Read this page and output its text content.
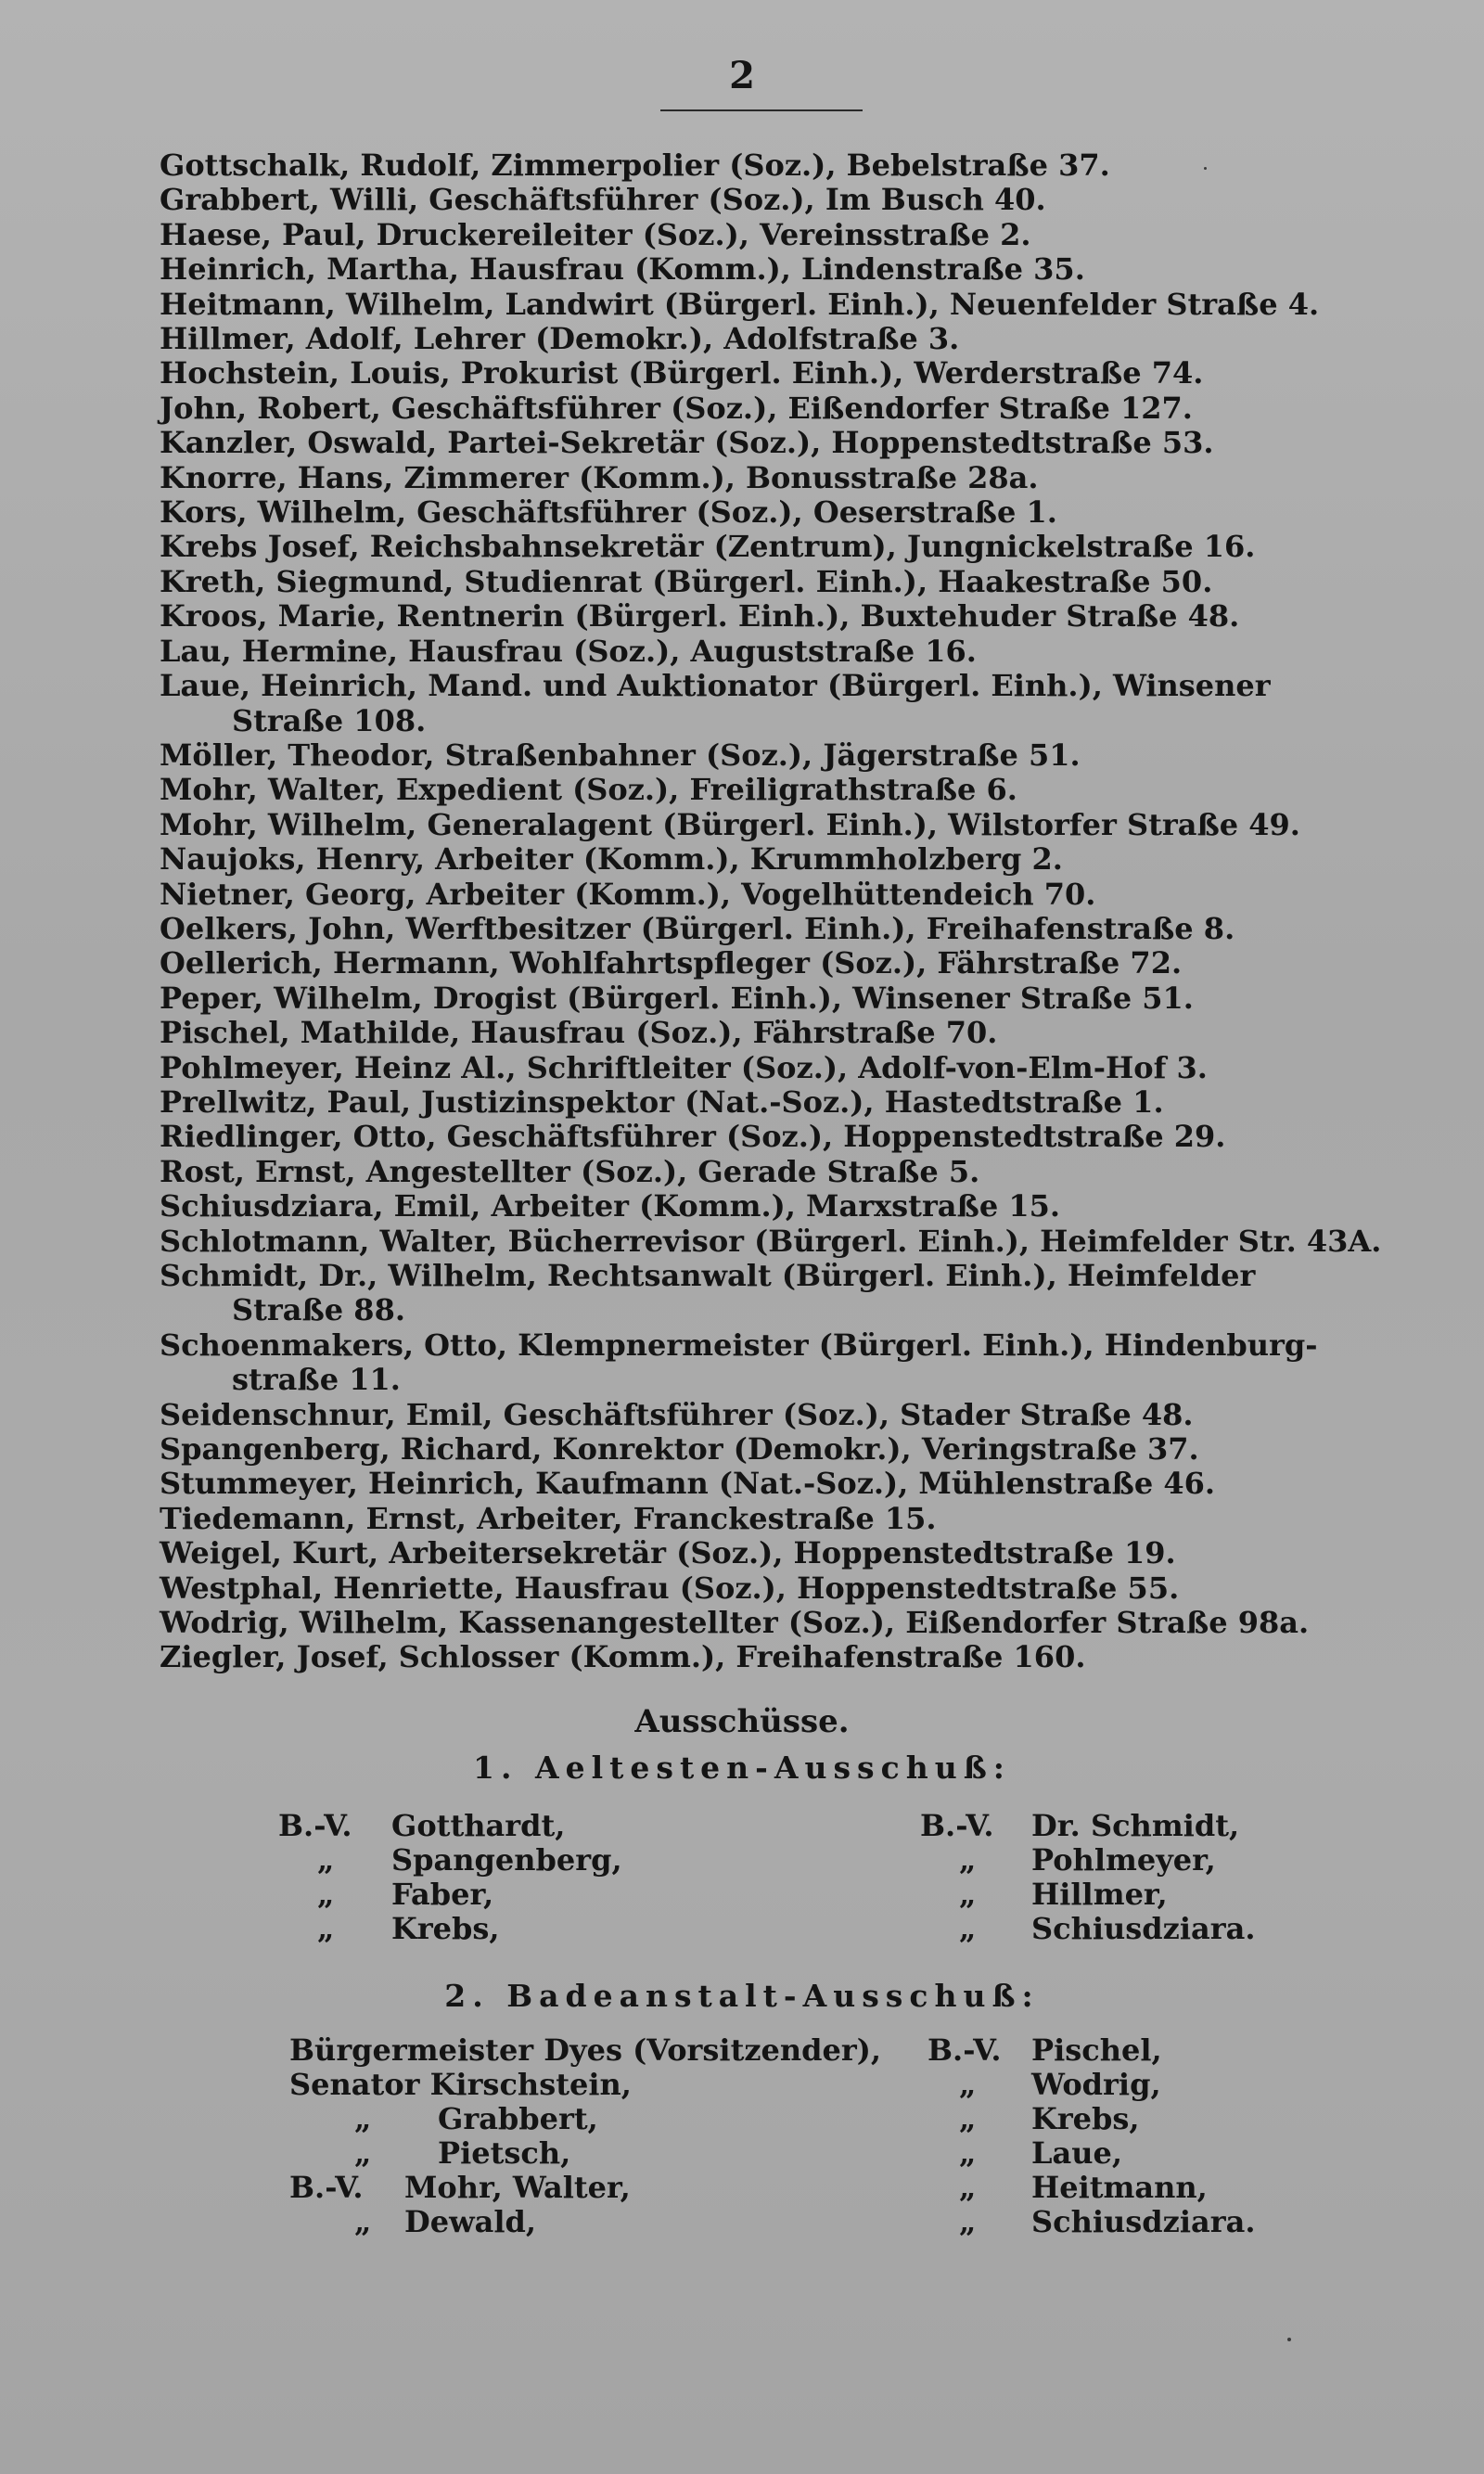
2
Gottschalk, Rudolf, Zimmerpolier (Soz.), Bebelstraße 37.
Grabbert, Willi, Geschäftsführer (Soz.), Im Busch 40.
Haese, Paul, Druckereileiter (Soz.), Vereinsstraße 2.
Heinrich, Martha, Hausfrau (Komm.), Lindenstraße 35.
Heitmann, Wilhelm, Landwirt (Bürgerl. Einh.), Neuenfelder Straße 4.
Hillmer, Adolf, Lehrer (Demokr.), Adolfstraße 3.
Hochstein, Louis, Prokurist (Bürgerl. Einh.), Werderstraße 74.
John, Robert, Geschäftsführer (Soz.), Eißendorfer Straße 127.
Kanzler, Oswald, Partei-Sekretär (Soz.), Hoppenstedtstraße 53.
Knorre, Hans, Zimmerer (Komm.), Bonusstraße 28a.
Kors, Wilhelm, Geschäftsführer (Soz.), Oeserstraße 1.
Krebs Josef, Reichsbahnsekretär (Zentrum), Jungnickelstraße 16.
Kreth, Siegmund, Studienrat (Bürgerl. Einh.), Haakestraße 50.
Kroos, Marie, Rentnerin (Bürgerl. Einh.), Buxtehuder Straße 48.
Lau, Hermine, Hausfrau (Soz.), Auguststraße 16.
Laue, Heinrich, Mand. und Auktionator (Bürgerl. Einh.), Winsener
Straße 108.
Möller, Theodor, Straßenbahner (Soz.), Jägerstraße 51.
Mohr, Walter, Expedient (Soz.), Freiligrathstraße 6.
Mohr, Wilhelm, Generalagent (Bürgerl. Einh.), Wilstorfer Straße 49.
Naujoks, Henry, Arbeiter (Komm.), Krummholzberg 2.
Nietner, Georg, Arbeiter (Komm.), Vogelhüttendeich 70.
Oelkers, John, Werftbesitzer (Bürgerl. Einh.), Freihafenstraße 8.
Oellerich, Hermann, Wohlfahrtspfleger (Soz.), Fährstraße 72.
Peper, Wilhelm, Drogist (Bürgerl. Einh.), Winsener Straße 51.
Pischel, Mathilde, Hausfrau (Soz.), Fährstraße 70.
Pohlmeyer, Heinz Al., Schriftleiter (Soz.), Adolf-von-Elm-Hof 3.
Prellwitz, Paul, Justizinspektor (Nat.-Soz.), Hastedtstraße 1.
Riedlinger, Otto, Geschäftsführer (Soz.), Hoppenstedtstraße 29.
Rost, Ernst, Angestellter (Soz.), Gerade Straße 5.
Schiusdziara, Emil, Arbeiter (Komm.), Marxstraße 15.
Schlotmann, Walter, Bücherrevisor (Bürgerl. Einh.), Heimfelder Str. 43A.
Schmidt, Dr., Wilhelm, Rechtsanwalt (Bürgerl. Einh.), Heimfelder
Straße 88.
Schoenmakers, Otto, Klempnermeister (Bürgerl. Einh.), Hindenburg-
straße 11.
Seidenschnur, Emil, Geschäftsführer (Soz.), Stader Straße 48.
Spangenberg, Richard, Konrektor (Demokr.), Veringstraße 37.
Stummeyer, Heinrich, Kaufmann (Nat.-Soz.), Mühlenstraße 46.
Tiedemann, Ernst, Arbeiter, Franckestraße 15.
Weigel, Kurt, Arbeitersekretär (Soz.), Hoppenstedtstraße 19.
Westphal, Henriette, Hausfrau (Soz.), Hoppenstedtstraße 55.
Wodrig, Wilhelm, Kassenangestellter (Soz.), Eißendorfer Straße 98a.
Ziegler, Josef, Schlosser (Komm.), Freihafenstraße 160.
Ausschüsse.
1. Aeltesten-Ausschuß:
B.-V.	Gotthardt,
„	Spangenberg,
„	Faber,
„	Krebs,
B.-V. Dr. Schmidt,
„ Pohlmeyer,
„ Hillmer,
„ Schiusdziara.
2. Badeanstalt-Ausschuß:
Bürgermeister Dyes (Vorsitzender),
Senator Kirschstein,
„ Grabbert,
„ Pietsch,
B.-V. Mohr, Walter,
„ Dewald,
B.-V. Pischel,
„ Wodrig,
„ Krebs,
„ Laue,
„ Heitmann,
„ Schiusdziara.
